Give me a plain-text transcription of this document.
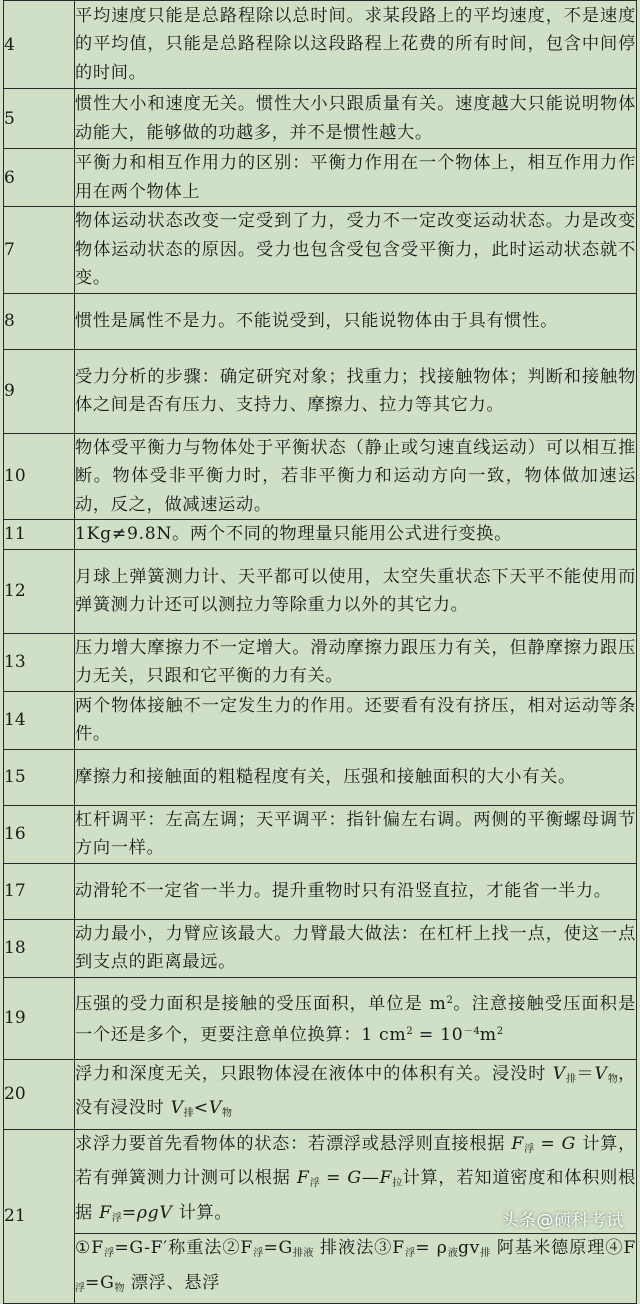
4	平均速度只能是总路程除以总时间。求某段路上的平均速度，不是速度的平均值，只能是总路程除以这段路程上花费的所有时间，包含中间停的时间。
5	惯性大小和速度无关。惯性大小只跟质量有关。速度越大只能说明物体动能大，能够做的功越多，并不是惯性越大。
6	平衡力和相互作用力的区别：平衡力作用在一个物体上，相互作用力作用在两个物体上
7	物体运动状态改变一定受到了力，受力不一定改变运动状态。力是改变物体运动状态的原因。受力也包含受包含受平衡力，此时运动状态就不变。
8	惯性是属性不是力。不能说受到，只能说物体由于具有惯性。
9	受力分析的步骤：确定研究对象；找重力；找接触物体；判断和接触物体之间是否有压力、支持力、摩擦力、拉力等其它力。
10	物体受平衡力与物体处于平衡状态（静止或匀速直线运动）可以相互推断。物体受非平衡力时，若非平衡力和运动方向一致，物体做加速运动，反之，做减速运动。
11	1Kg≠9.8N。两个不同的物理量只能用公式进行变换。
12	月球上弹簧测力计、天平都可以使用，太空失重状态下天平不能使用而弹簧测力计还可以测拉力等除重力以外的其它力。
13	压力增大摩擦力不一定增大。滑动摩擦力跟压力有关，但静摩擦力跟压力无关，只跟和它平衡的力有关。
14	两个物体接触不一定发生力的作用。还要看有没有挤压，相对运动等条件。
15	摩擦力和接触面的粗糙程度有关，压强和接触面积的大小有关。
16	杠杆调平：左高左调；天平调平：指针偏左右调。两侧的平衡螺母调节方向一样。
17	动滑轮不一定省一半力。提升重物时只有沿竖直拉，才能省一半力。
18	动力最小，力臂应该最大。力臂最大做法：在杠杆上找一点，使这一点到支点的距离最远。
19	压强的受力面积是接触的受压面积，单位是 $m^2$。注意接触受压面积是一个还是多个，更要注意单位换算：1 $cm^2 = 10^{-4}m^2$
20	浮力和深度无关，只跟物体浸在液体中的体积有关。浸没时 $V_排=V_物$，没有浸没时 $V_排<V_物$
21	求浮力要首先看物体的状态：若漂浮或悬浮则直接根据 $F_浮 = G$ 计算，若有弹簧测力计测可以根据 $F_浮$ = $G—F_拉$计算，若知道密度和体积则根据 $F_浮=\rho gV$ 计算。
	$①F_浮=G-F'$称重法$②F_浮=G_{排液}$ 排液法$③F_浮= \rho_液gv_排$ 阿基米德原理$④F_浮=G_物$ 漂浮、悬浮
头条@硕科考试
